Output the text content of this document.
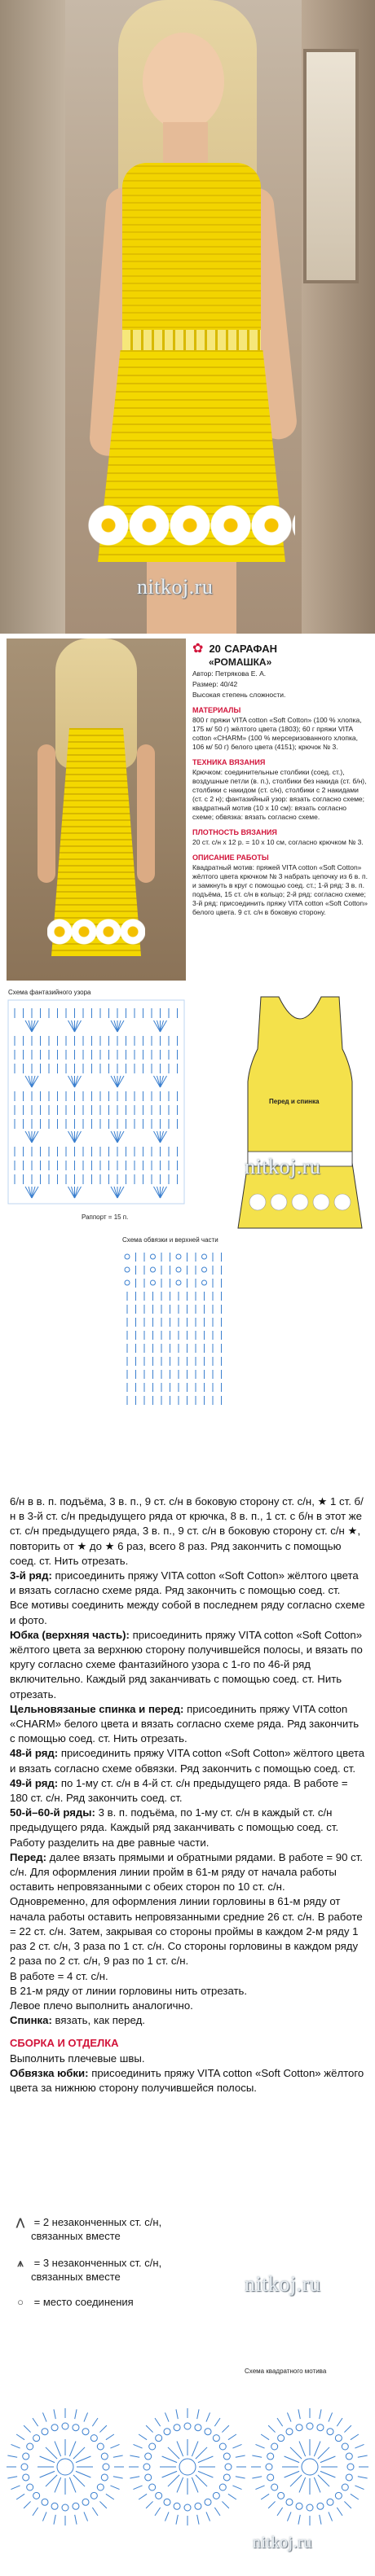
nitkoj.ru
✿ 20 САРАФАН
«РОМАШКА»

Автор: Петрякова Е. А.

Размер: 40/42

Высокая степень сложности.

МАТЕРИАЛЫ

800 г пряжи VITA cotton «Soft Cotton» (100 % хлопка, 175 м/ 50 г) жёлтого цвета (1803); 60 г пряжи VITA cotton «CHARM» (100 % мерсеризованного хлопка, 106 м/ 50 г) белого цвета (4151); крючок № 3.

ТЕХНИКА ВЯЗАНИЯ

Крючком: соединительные столбики (соед. ст.), воздушные петли (в. п.), столбики без накида (ст. б/н), столбики с накидом (ст. с/н), столбики с 2 накидами (ст. с 2 н); фантазийный узор: вязать согласно схеме; квадратный мотив (10 x 10 см): вязать согласно схеме; обвязка: вязать согласно схеме.

ПЛОТНОСТЬ ВЯЗАНИЯ

20 ст. с/н x 12 р. = 10 x 10 см, согласно крючком № 3.

ОПИСАНИЕ РАБОТЫ

Квадратный мотив: пряжей VITA cotton «Soft Cotton» жёлтого цвета крючком № 3 набрать цепочку из 6 в. п. и замкнуть в круг с помощью соед. ст.; 1-й ряд: 3 в. п. подъёма, 15 ст. с/н в кольцо; 2-й ряд: согласно схеме; 3-й ряд: присоединить пряжу VITA cotton «Soft Cotton» белого цвета. 9 ст. с/н в боковую сторону.

Схема фантазийного узора
Раппорт = 15 п.
Перед и спинка
Схема обвязки и верхней части
nitkoj.ru

6/н в в. п. подъёма, 3 в. п., 9 ст. с/н в боковую сторону ст. с/н, ★ 1 ст. б/н в 3-й ст. с/н предыдущего ряда от крючка, 8 в. п., 1 ст. с б/н в этот же ст. с/н предыдущего ряда, 3 в. п., 9 ст. с/н в боковую сторону ст. с/н ★, повторить от ★ до ★ 6 раз, всего 8 раз. Ряд закончить с помощью соед. ст. Нить отрезать.

3-й ряд: присоединить пряжу VITA cotton «Soft Cotton» жёлтого цвета и вязать согласно схеме ряда. Ряд закончить с помощью соед. ст.

Все мотивы соединить между собой в последнем ряду согласно схеме и фото.

Юбка (верхняя часть): присоединить пряжу VITA cotton «Soft Cotton» жёлтого цвета за верхнюю сторону получившейся полосы, и вязать по кругу согласно схеме фантазийного узора с 1-го по 46-й ряд включительно. Каждый ряд заканчивать с помощью соед. ст. Нить отрезать.

Цельновязаные спинка и перед: присоединить пряжу VITA cotton «CHARM» белого цвета и вязать согласно схеме ряда. Ряд закончить с помощью соед. ст. Нить отрезать.

48-й ряд: присоединить пряжу VITA cotton «Soft Cotton» жёлтого цвета и вязать согласно схеме обвязки. Ряд закончить с помощью соед. ст.

49-й ряд: по 1-му ст. с/н в 4-й ст. с/н предыдущего ряда. В работе = 180 ст. с/н. Ряд закончить соед. ст.

50-й–60-й ряды: 3 в. п. подъёма, по 1-му ст. с/н в каждый ст. с/н предыдущего ряда. Каждый ряд заканчивать с помощью соед. ст. Работу разделить на две равные части.

Перед: далее вязать прямыми и обратными рядами. В работе = 90 ст. с/н. Для оформления линии пройм в 61-м ряду от начала работы оставить непровязанными с обеих сторон по 10 ст. с/н. Одновременно, для оформления линии горловины в 61-м ряду от начала работы оставить непровязанными средние 26 ст. с/н. В работе = 22 ст. с/н. Затем, закрывая со стороны проймы в каждом 2-м ряду 1 раз 2 ст. с/н, 3 раза по 1 ст. с/н. Со стороны горловины в каждом ряду 2 раза по 2 ст. с/н, 9 раз по 1 ст. с/н.

В работе = 4 ст. с/н.

В 21-м ряду от линии горловины нить отрезать.

Левое плечо выполнить аналогично.

Спинка: вязать, как перед.

СБОРКА И ОТДЕЛКА

Выполнить плечевые швы.

Обвязка юбки: присоединить пряжу VITA cotton «Soft Cotton» жёлтого цвета за нижнюю сторону получившейся полосы.

⋀ = 2 незаконченных ст. с/н,
связанных вместе
⩚ = 3 незаконченных ст. с/н,
связанных вместе
○ = место соединения
nitkoj.ru
Схема квадратного мотива
nitkoj.ru
